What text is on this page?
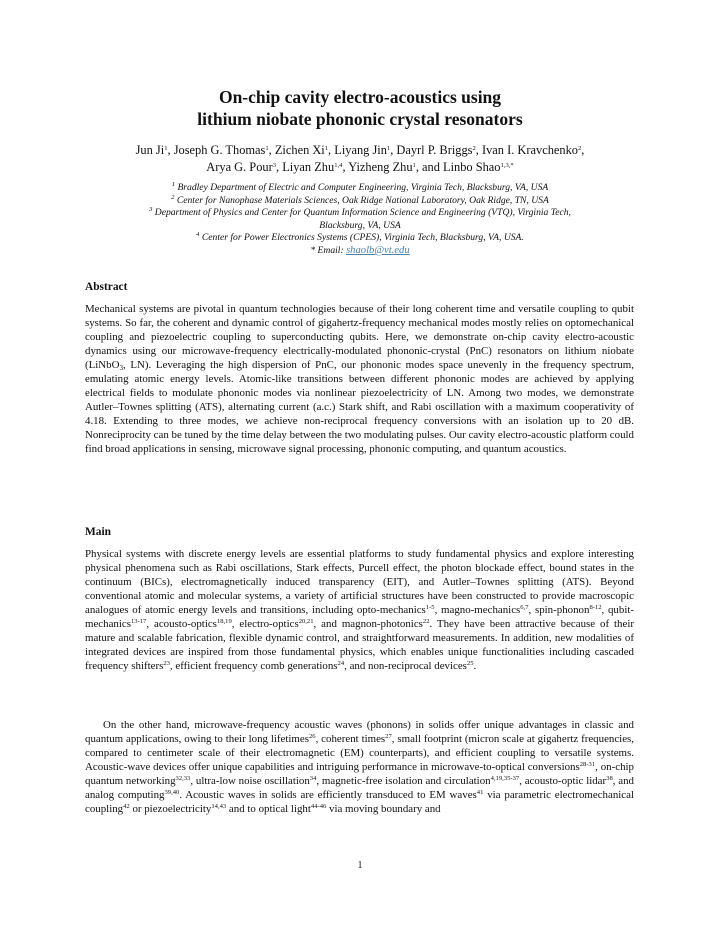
On-chip cavity electro-acoustics using
lithium niobate phononic crystal resonators
Jun Ji$^1$, Joseph G. Thomas$^1$, Zichen Xi$^1$, Liyang Jin$^1$, Dayrl P. Briggs$^2$, Ivan I. Kravchenko$^2$,
Arya G. Pour$^3$, Liyan Zhu$^{1,4}$, Yizheng Zhu$^1$, and Linbo Shao$^{1,3,*}$
$^1$ Bradley Department of Electric and Computer Engineering, Virginia Tech, Blacksburg, VA, USA
$^2$ Center for Nanophase Materials Sciences, Oak Ridge National Laboratory, Oak Ridge, TN, USA
$^3$ Department of Physics and Center for Quantum Information Science and Engineering (VTQ), Virginia Tech,
Blacksburg, VA, USA
$^4$ Center for Power Electronics Systems (CPES), Virginia Tech, Blacksburg, VA, USA.
* Email: shaolb@vt.edu
Abstract

Mechanical systems are pivotal in quantum technologies because of their long coherent time and versatile coupling to qubit systems. So far, the coherent and dynamic control of gigahertz-frequency mechanical modes mostly relies on optomechanical coupling and piezoelectric coupling to superconducting qubits. Here, we demonstrate on-chip cavity electro-acoustic dynamics using our microwave-frequency electrically-modulated phononic-crystal (PnC) resonators on lithium niobate (LiNbO$_3$, LN). Leveraging the high dispersion of PnC, our phononic modes space unevenly in the frequency spectrum, emulating atomic energy levels. Atomic-like transitions between different phononic modes are achieved by applying electrical fields to modulate phononic modes via nonlinear piezoelectricity of LN. Among two modes, we demonstrate Autler–Townes splitting (ATS), alternating current (a.c.) Stark shift, and Rabi oscillation with a maximum cooperativity of 4.18. Extending to three modes, we achieve non-reciprocal frequency conversions with an isolation up to 20 dB. Nonreciprocity can be tuned by the time delay between the two modulating pulses. Our cavity electro-acoustic platform could find broad applications in sensing, microwave signal processing, phononic computing, and quantum acoustics.

Main

Physical systems with discrete energy levels are essential platforms to study fundamental physics and explore interesting physical phenomena such as Rabi oscillations, Stark effects, Purcell effect, the photon blockade effect, bound states in the continuum (BICs), electromagnetically induced transparency (EIT), and Autler–Townes splitting (ATS). Beyond conventional atomic and molecular systems, a variety of artificial structures have been constructed to provide macroscopic analogues of atomic energy levels and transitions, including opto-mechanics$^{1-5}$, magno-mechanics$^{6,7}$, spin-phonon$^{8-12}$, qubit-mechanics$^{13-17}$, acousto-optics$^{18,19}$, electro-optics$^{20,21}$, and magnon-photonics$^{22}$. They have been attractive because of their mature and scalable fabrication, flexible dynamic control, and straightforward measurements. In addition, new modalities of integrated devices are inspired from those fundamental physics, which enables unique functionalities including cascaded frequency shifters$^{23}$, efficient frequency comb generations$^{24}$, and non-reciprocal devices$^{25}$.

On the other hand, microwave-frequency acoustic waves (phonons) in solids offer unique advantages in classic and quantum applications, owing to their long lifetimes$^{26}$, coherent times$^{27}$, small footprint (micron scale at gigahertz frequencies, compared to centimeter scale of their electromagnetic (EM) counterparts), and efficient coupling to versatile systems. Acoustic-wave devices offer unique capabilities and intriguing performance in microwave-to-optical conversions$^{28-31}$, on-chip quantum networking$^{32,33}$, ultra-low noise oscillation$^{34}$, magnetic-free isolation and circulation$^{4,19,35-37}$, acousto-optic lidar$^{38}$, and analog computing$^{39,40}$. Acoustic waves in solids are efficiently transduced to EM waves$^{41}$ via parametric electromechanical coupling$^{42}$ or piezoelectricity$^{14,43}$ and to optical light$^{44-46}$ via moving boundary and

1
